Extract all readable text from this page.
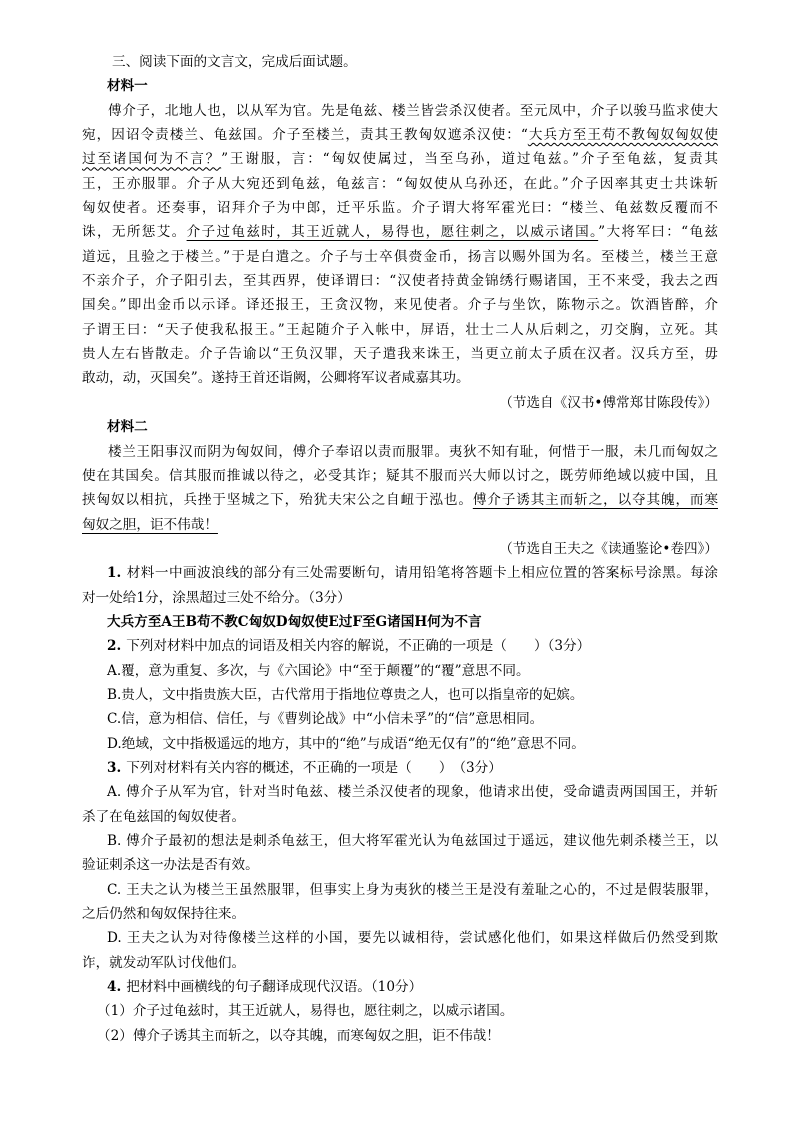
三、阅读下面的文言文，完成后面试题。
材料一
傅介子，北地人也，以从军为官。先是龟兹、楼兰皆尝杀汉使者。至元凤中，介子以骏马监求使大
宛，因诏令责楼兰、龟兹国。介子至楼兰，责其王教匈奴遮杀汉使：“大兵方至王苟不教匈奴匈奴使
过至诸国何为不言？”王谢服，言：“匈奴使属过，当至乌孙，道过龟兹。”介子至龟兹，复责其
王，王亦服罪。介子从大宛还到龟兹，龟兹言：“匈奴使从乌孙还，在此。”介子因率其吏士共诛斩
匈奴使者。还奏事，诏拜介子为中郎，迁平乐监。介子谓大将军霍光曰：“楼兰、龟兹数反覆而不
诛，无所惩艾。介子过龟兹时，其王近就人，易得也，愿往刺之，以威示诸国。”大将军曰：“龟兹
道远，且验之于楼兰。”于是白遣之。介子与士卒俱赍金币，扬言以赐外国为名。至楼兰，楼兰王意
不亲介子，介子阳引去，至其西界，使译谓曰：“汉使者持黄金锦绣行赐诸国，王不来受，我去之西
国矣。”即出金币以示译。译还报王，王贪汉物，来见使者。介子与坐饮，陈物示之。饮酒皆醉，介
子谓王曰：“天子使我私报王。”王起随介子入帐中，屏语，壮士二人从后刺之，刃交胸，立死。其
贵人左右皆散走。介子告谕以“王负汉罪，天子遣我来诛王，当更立前太子质在汉者。汉兵方至，毋
敢动，动，灭国矣”。遂持王首还诣阙，公卿将军议者咸嘉其功。
（节选自《汉书•傅常郑甘陈段传》）
材料二
楼兰王阳事汉而阴为匈奴间，傅介子奉诏以责而服罪。夷狄不知有耻，何惜于一服，未几而匈奴之
使在其国矣。信其服而推诚以待之，必受其诈；疑其不服而兴大师以讨之，既劳师绝域以疲中国，且
挟匈奴以相抗，兵挫于坚城之下，殆犹夫宋公之自衄于泓也。傅介子诱其主而斩之，以夺其魄，而寒
匈奴之胆，讵不伟哉！
（节选自王夫之《读通鉴论•卷四》）
1. 材料一中画波浪线的部分有三处需要断句，请用铅笔将答题卡上相应位置的答案标号涂黑。每涂
对一处给1分，涂黑超过三处不给分。（3分）
大兵方至A王B苟不教C匈奴D匈奴使E过F至G诸国H何为不言
2. 下列对材料中加点的词语及相关内容的解说，不正确的一项是（　　）（3分）
A.覆，意为重复、多次，与《六国论》中“至于颠覆”的“覆”意思不同。
B.贵人，文中指贵族大臣，古代常用于指地位尊贵之人，也可以指皇帝的妃嫔。
C.信，意为相信、信任，与《曹刿论战》中“小信未孚”的“信”意思相同。
D.绝域，文中指极遥远的地方，其中的“绝”与成语“绝无仅有”的“绝”意思不同。
3. 下列对材料有关内容的概述，不正确的一项是（　　）　（3分）
A. 傅介子从军为官，针对当时龟兹、楼兰杀汉使者的现象，他请求出使，受命谴责两国国王，并斩
杀了在龟兹国的匈奴使者。
B. 傅介子最初的想法是刺杀龟兹王，但大将军霍光认为龟兹国过于遥远，建议他先刺杀楼兰王，以
验证刺杀这一办法是否有效。
C. 王夫之认为楼兰王虽然服罪，但事实上身为夷狄的楼兰王是没有羞耻之心的，不过是假装服罪，
之后仍然和匈奴保持往来。
D. 王夫之认为对待像楼兰这样的小国，要先以诚相待，尝试感化他们，如果这样做后仍然受到欺
诈，就发动军队讨伐他们。
4. 把材料中画横线的句子翻译成现代汉语。（10分）
（1）介子过龟兹时，其王近就人，易得也，愿往刺之，以威示诸国。
（2）傅介子诱其主而斩之，以夺其魄，而寒匈奴之胆，讵不伟哉！
